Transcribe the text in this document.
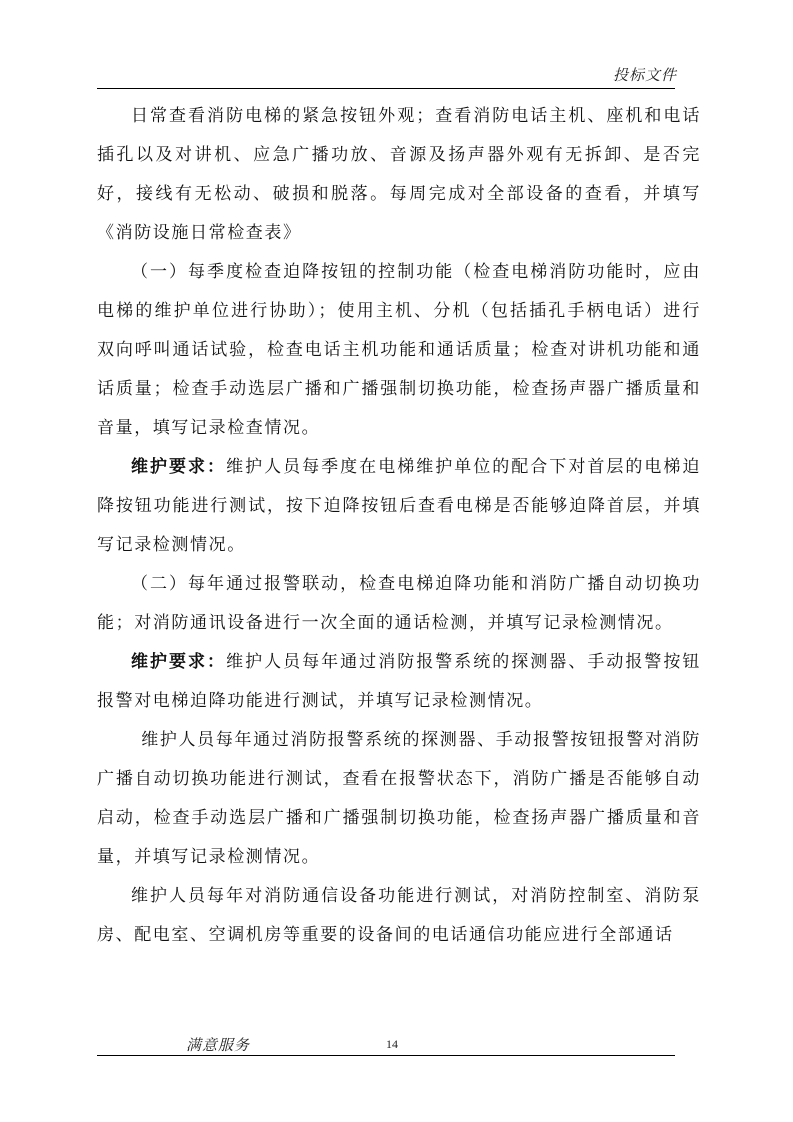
投标文件

日常查看消防电梯的紧急按钮外观；查看消防电话主机、座机和电话插孔以及对讲机、应急广播功放、音源及扬声器外观有无拆卸、是否完好，接线有无松动、破损和脱落。每周完成对全部设备的查看，并填写《消防设施日常检查表》

（一）每季度检查迫降按钮的控制功能（检查电梯消防功能时，应由电梯的维护单位进行协助）；使用主机、分机（包括插孔手柄电话）进行双向呼叫通话试验，检查电话主机功能和通话质量；检查对讲机功能和通话质量；检查手动选层广播和广播强制切换功能，检查扬声器广播质量和音量，填写记录检查情况。

维护要求：维护人员每季度在电梯维护单位的配合下对首层的电梯迫降按钮功能进行测试，按下迫降按钮后查看电梯是否能够迫降首层，并填写记录检测情况。

（二）每年通过报警联动，检查电梯迫降功能和消防广播自动切换功能；对消防通讯设备进行一次全面的通话检测，并填写记录检测情况。

维护要求：维护人员每年通过消防报警系统的探测器、手动报警按钮报警对电梯迫降功能进行测试，并填写记录检测情况。

维护人员每年通过消防报警系统的探测器、手动报警按钮报警对消防广播自动切换功能进行测试，查看在报警状态下，消防广播是否能够自动启动，检查手动选层广播和广播强制切换功能，检查扬声器广播质量和音量，并填写记录检测情况。

维护人员每年对消防通信设备功能进行测试，对消防控制室、消防泵房、配电室、空调机房等重要的设备间的电话通信功能应进行全部通话

满意服务	14
